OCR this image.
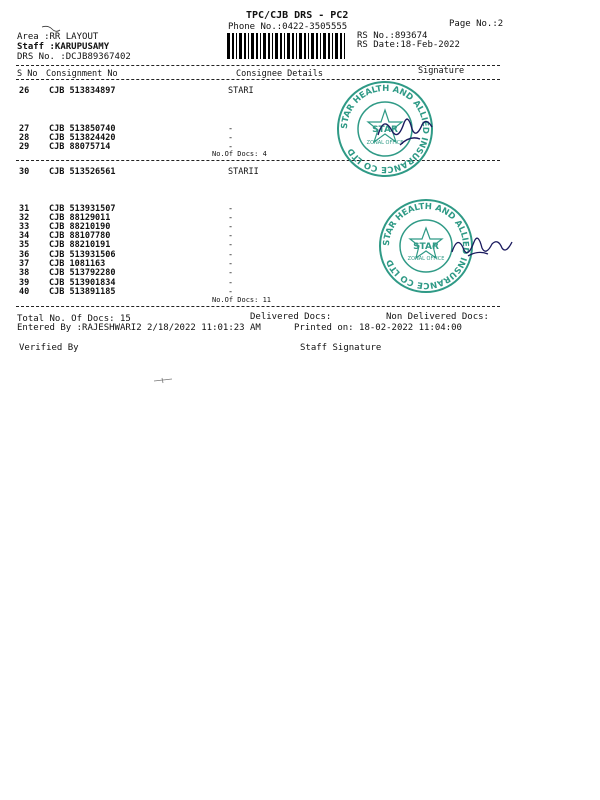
TPC/CJB DRS - PC2
Phone No.:0422-3505555	Page No.:2
Area :RR LAYOUT
Staff :KARUPUSAMY
DRS No. :DCJB89367402
RS No.:893674
RS Date:18-Feb-2022
S No Consignment No	Consignee Details	Signature
26 CJB 513834897	STARI
27 CJB 513850740	-
28 CJB 513824420	-
29 CJB 88075714	-
No.Of Docs: 4
30 CJB 513526561	STARII
31 CJB 513931507	-
32 CJB 88129011	-
33 CJB 88210190	-
34 CJB 88107780	-
35 CJB 88210191	-
36 CJB 513931506	-
37 CJB 1081163	-
38 CJB 513792280	-
39 CJB 513901834	-
40 CJB 513891185	-
No.Of Docs: 11
Total No. Of Docs: 15	Delivered Docs:	Non Delivered Docs:
Entered By :RAJESHWARI2 2/18/2022 11:01:23 AM	Printed on: 18-02-2022 11:04:00
Verified By	Staff Signature
STAR HEALTH AND ALLIED INSURANCE CO LTD
STAR
ZONAL OFFICE
STAR HEALTH AND ALLIED INSURANCE CO LTD
STAR
ZONAL OFFICE
